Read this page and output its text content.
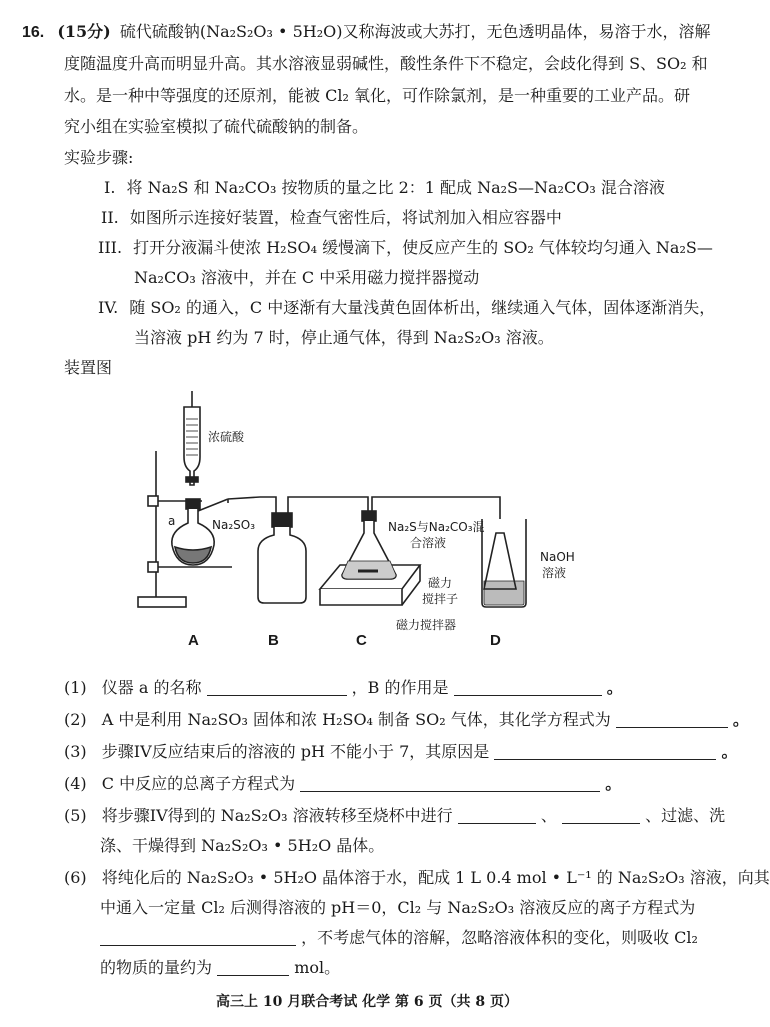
16. (15分) 硫代硫酸钠(Na₂S₂O₃ • 5H₂O)又称海波或大苏打，无色透明晶体，易溶于水，溶解
度随温度升高而明显升高。其水溶液显弱碱性，酸性条件下不稳定，会歧化得到 S、SO₂ 和
水。是一种中等强度的还原剂，能被 Cl₂ 氧化，可作除氯剂，是一种重要的工业产品。研
究小组在实验室模拟了硫代硫酸钠的制备。
实验步骤:
I. 将 Na₂S 和 Na₂CO₃ 按物质的量之比 2：1 配成 Na₂S—Na₂CO₃ 混合溶液
II. 如图所示连接好装置，检查气密性后，将试剂加入相应容器中
III. 打开分液漏斗使浓 H₂SO₄ 缓慢滴下，使反应产生的 SO₂ 气体较均匀通入 Na₂S—
Na₂CO₃ 溶液中，并在 C 中采用磁力搅拌器搅动
IV. 随 SO₂ 的通入，C 中逐渐有大量浅黄色固体析出，继续通入气体，固体逐渐消失，
当溶液 pH 约为 7 时，停止通气体，得到 Na₂S₂O₃ 溶液。
装置图
浓硫酸
a	Na₂SO₃	Na₂S与Na₂CO₃混
合溶液
磁力
搅拌子
磁力搅拌器
NaOH
溶液
A	B	C	D
(1) 仪器 a 的名称	，B 的作用是	。
(2) A 中是利用 Na₂SO₃ 固体和浓 H₂SO₄ 制备 SO₂ 气体，其化学方程式为	。
(3) 步骤IV反应结束后的溶液的 pH 不能小于 7，其原因是	。
(4) C 中反应的总离子方程式为	。
(5) 将步骤IV得到的 Na₂S₂O₃ 溶液转移至烧杯中进行	、	、过滤、洗
涤、干燥得到 Na₂S₂O₃ • 5H₂O 晶体。
(6) 将纯化后的 Na₂S₂O₃ • 5H₂O 晶体溶于水，配成 1 L 0.4 mol • L⁻¹ 的 Na₂S₂O₃ 溶液，向其
中通入一定量 Cl₂ 后测得溶液的 pH＝0，Cl₂ 与 Na₂S₂O₃ 溶液反应的离子方程式为
，不考虑气体的溶解，忽略溶液体积的变化，则吸收 Cl₂
的物质的量约为	mol。
高三上 10 月联合考试 化学 第 6 页（共 8 页）
